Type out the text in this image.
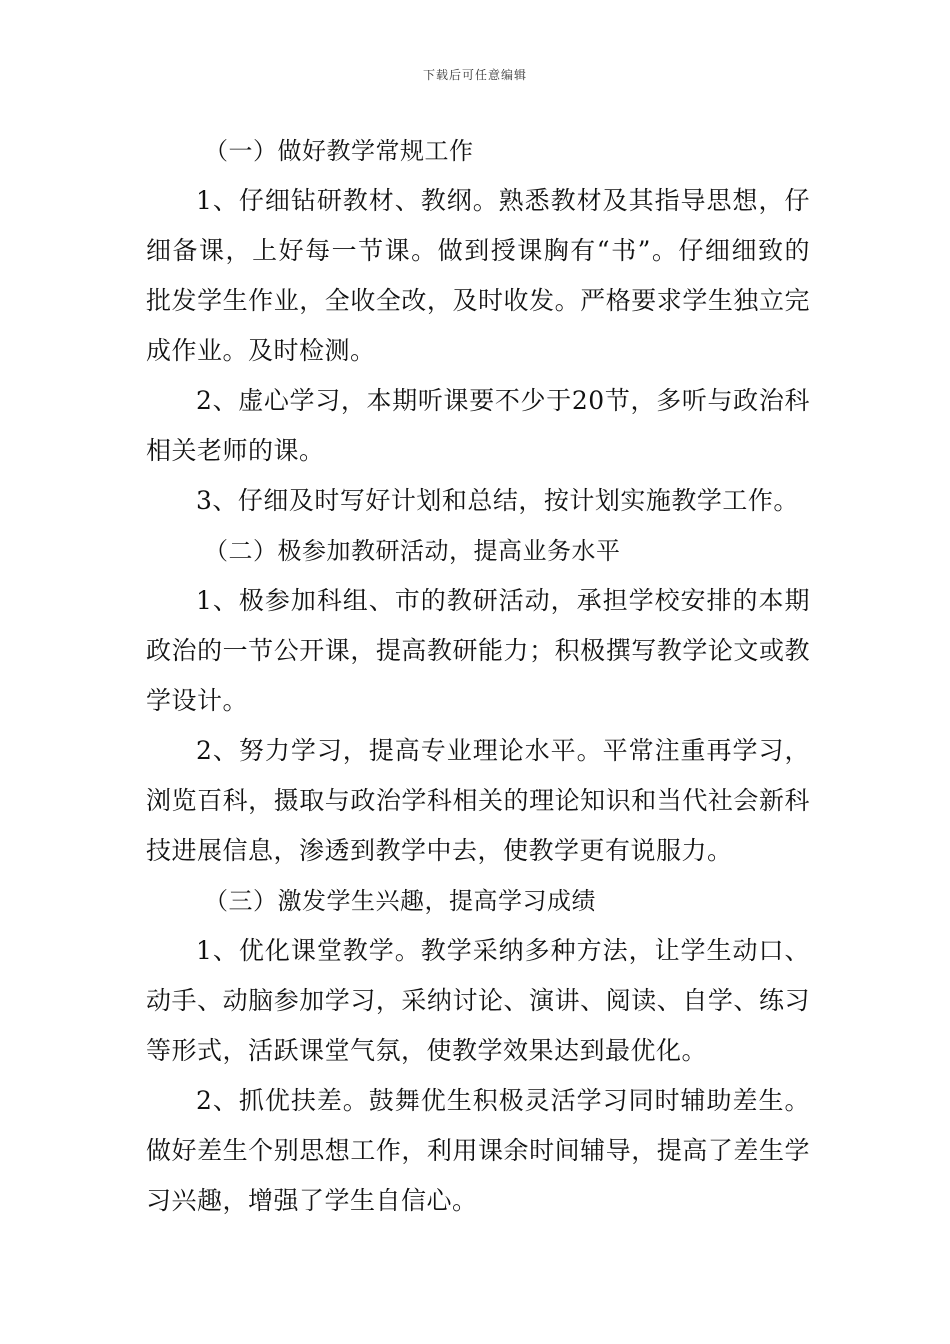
下载后可任意编辑

（一）做好教学常规工作

1、仔细钻研教材、教纲。熟悉教材及其指导思想，仔细备课，上好每一节课。做到授课胸有“书”。仔细细致的批发学生作业，全收全改，及时收发。严格要求学生独立完成作业。及时检测。

2、虚心学习，本期听课要不少于20节，多听与政治科相关老师的课。

3、仔细及时写好计划和总结，按计划实施教学工作。

（二）极参加教研活动，提高业务水平

1、极参加科组、市的教研活动，承担学校安排的本期政治的一节公开课，提高教研能力；积极撰写教学论文或教学设计。

2、努力学习，提高专业理论水平。平常注重再学习，浏览百科，摄取与政治学科相关的理论知识和当代社会新科技进展信息，渗透到教学中去，使教学更有说服力。

（三）激发学生兴趣，提高学习成绩

1、优化课堂教学。教学采纳多种方法，让学生动口、动手、动脑参加学习，采纳讨论、演讲、阅读、自学、练习等形式，活跃课堂气氛，使教学效果达到最优化。

2、抓优扶差。鼓舞优生积极灵活学习同时辅助差生。做好差生个别思想工作，利用课余时间辅导，提高了差生学习兴趣，增强了学生自信心。
